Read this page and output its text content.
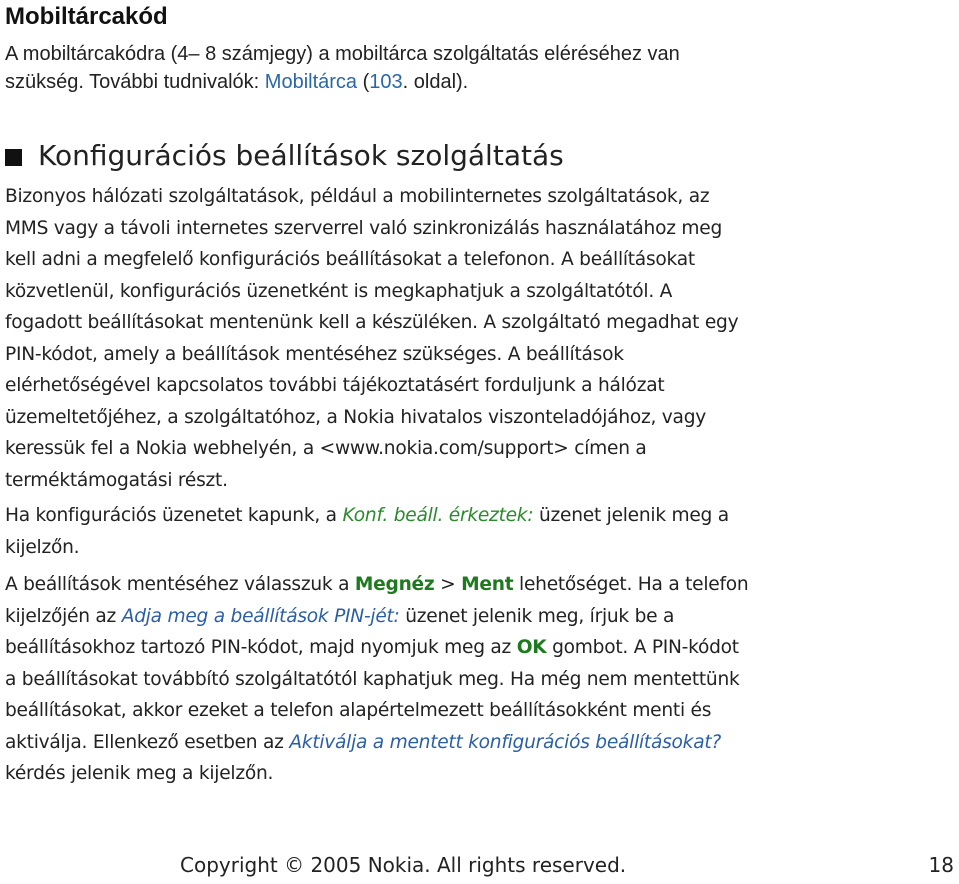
Mobiltárcakód
A mobiltárcakódra (4– 8 számjegy) a mobiltárca szolgáltatás eléréséhez van
szükség. További tudnivalók: Mobiltárca (103. oldal).
Konfigurációs beállítások szolgáltatás
Bizonyos hálózati szolgáltatások, például a mobilinternetes szolgáltatások, az
MMS vagy a távoli internetes szerverrel való szinkronizálás használatához meg
kell adni a megfelelő konfigurációs beállításokat a telefonon. A beállításokat
közvetlenül, konfigurációs üzenetként is megkaphatjuk a szolgáltatótól. A
fogadott beállításokat mentenünk kell a készüléken. A szolgáltató megadhat egy
PIN-kódot, amely a beállítások mentéséhez szükséges. A beállítások
elérhetőségével kapcsolatos további tájékoztatásért forduljunk a hálózat
üzemeltetőjéhez, a szolgáltatóhoz, a Nokia hivatalos viszonteladójához, vagy
keressük fel a Nokia webhelyén, a <www.nokia.com/support> címen a
terméktámogatási részt.
Ha konfigurációs üzenetet kapunk, a Konf. beáll. érkeztek: üzenet jelenik meg a
kijelzőn.
A beállítások mentéséhez válasszuk a Megnéz > Ment lehetőséget. Ha a telefon
kijelzőjén az Adja meg a beállítások PIN-jét: üzenet jelenik meg, írjuk be a
beállításokhoz tartozó PIN-kódot, majd nyomjuk meg az OK gombot. A PIN-kódot
a beállításokat továbbító szolgáltatótól kaphatjuk meg. Ha még nem mentettünk
beállításokat, akkor ezeket a telefon alapértelmezett beállításokként menti és
aktiválja. Ellenkező esetben az Aktiválja a mentett konfigurációs beállításokat?
kérdés jelenik meg a kijelzőn.
Copyright © 2005 Nokia. All rights reserved.	18
